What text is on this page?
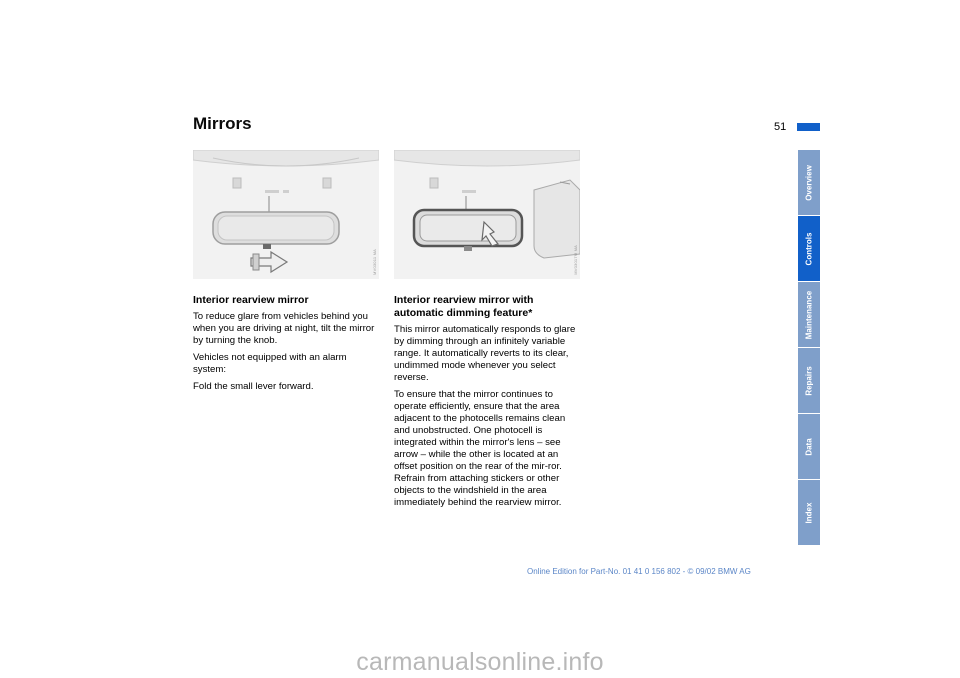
Mirrors	51
MV03011 MA	MV03017M MA
Interior rearview mirror

To reduce glare from vehicles behind you when you are driving at night, tilt the mirror by turning the knob.

Vehicles not equipped with an alarm system:

Fold the small lever forward.

Interior rearview mirror with automatic dimming feature*

This mirror automatically responds to glare by dimming through an infinitely variable range. It automatically reverts to its clear, undimmed mode whenever you select reverse.

To ensure that the mirror continues to operate efficiently, ensure that the area adjacent to the photocells remains clean and unobstructed. One photocell is integrated within the mirror's lens – see arrow – while the other is located at an offset position on the rear of the mir-ror. Refrain from attaching stickers or other objects to the windshield in the area immediately behind the rearview mirror.

Overview
Controls
Maintenance
Repairs
Data
Index
Online Edition for Part-No. 01 41 0 156 802 - © 09/02 BMW AG
carmanualsonline.info
